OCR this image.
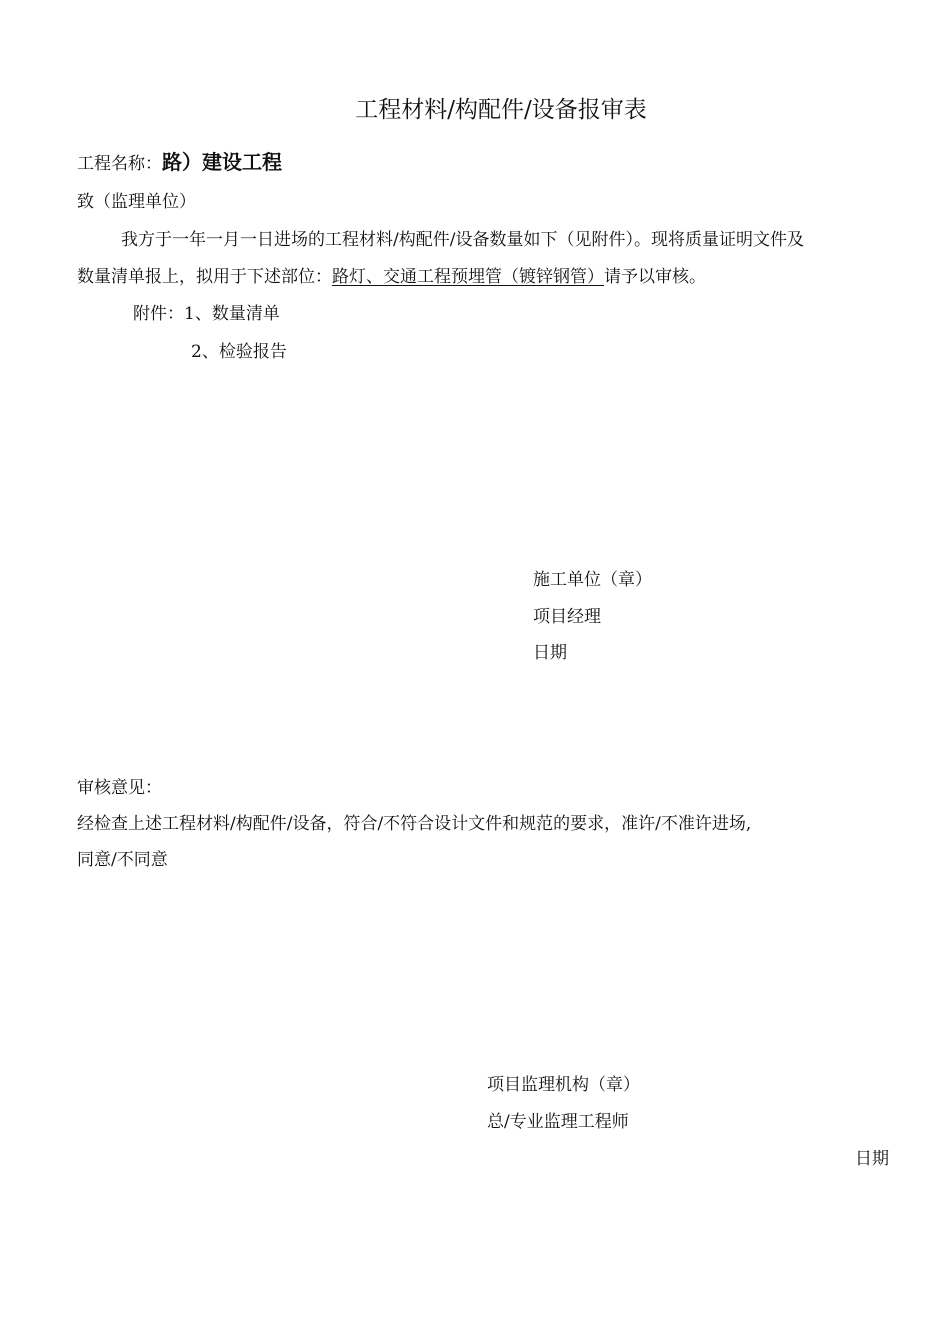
工程材料/构配件/设备报审表
工程名称：路）建设工程
致（监理单位）
我方于一年一月一日进场的工程材料/构配件/设备数量如下（见附件）。现将质量证明文件及
数量清单报上，拟用于下述部位：路灯、交通工程预埋管（镀锌钢管）请予以审核。
附件：1、数量清单
2、检验报告
施工单位（章）
项目经理
日期
审核意见：
经检查上述工程材料/构配件/设备，符合/不符合设计文件和规范的要求，准许/不准许进场,
同意/不同意
项目监理机构（章）
总/专业监理工程师
日期
